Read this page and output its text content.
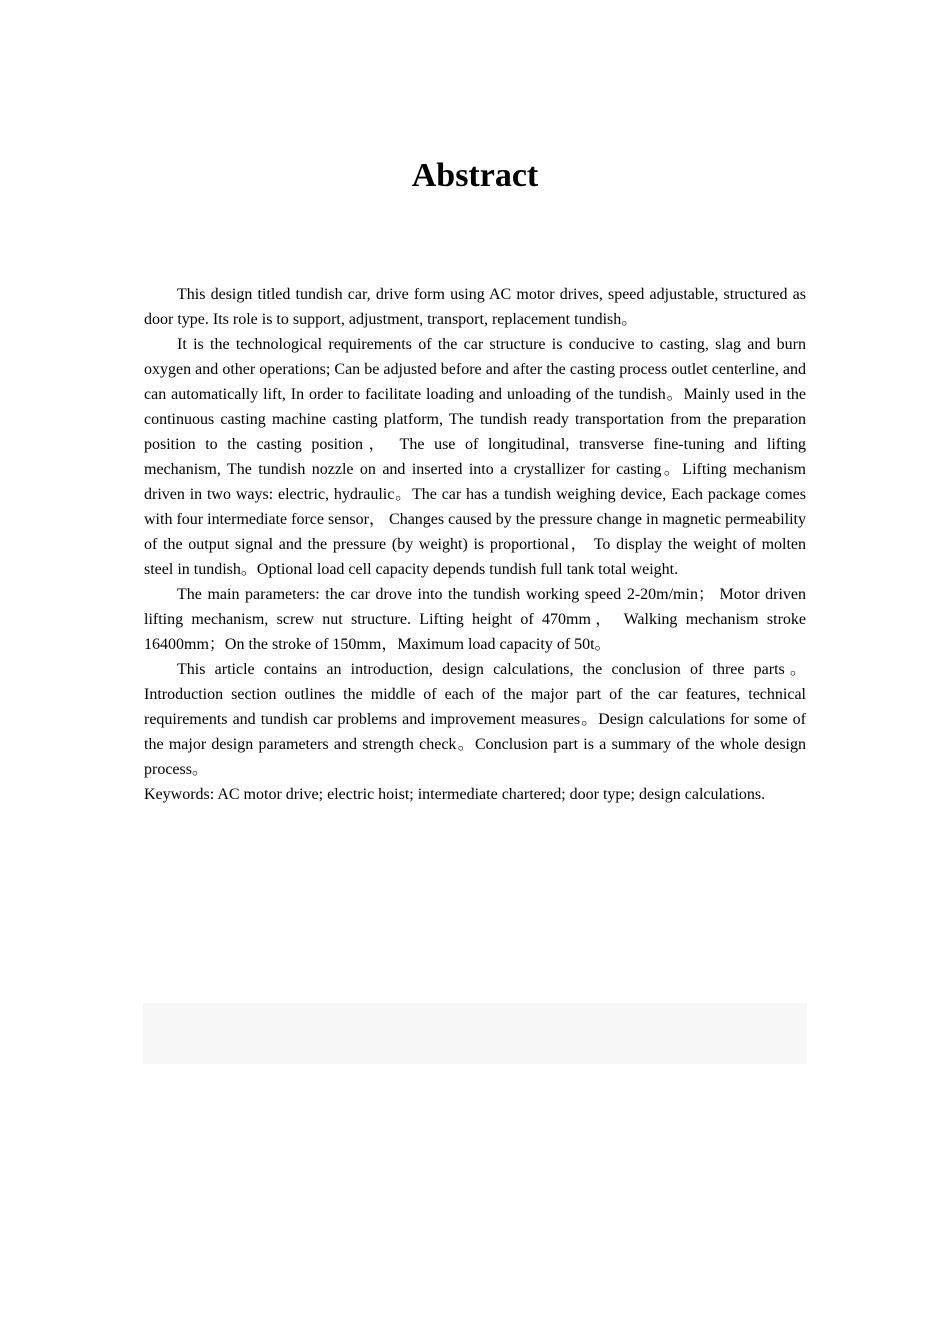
Abstract

This design titled tundish car, drive form using AC motor drives, speed adjustable, structured as door type. Its role is to support, adjustment, transport, replacement tundish。

It is the technological requirements of the car structure is conducive to casting, slag and burn oxygen and other operations; Can be adjusted before and after the casting process outlet centerline, and can automatically lift, In order to facilitate loading and unloading of the tundish。Mainly used in the continuous casting machine casting platform, The tundish ready transportation from the preparation position to the casting position， The use of longitudinal, transverse fine-tuning and lifting mechanism, The tundish nozzle on and inserted into a crystallizer for casting。Lifting mechanism driven in two ways: electric, hydraulic。The car has a tundish weighing device, Each package comes with four intermediate force sensor， Changes caused by the pressure change in magnetic permeability of the output signal and the pressure (by weight) is proportional， To display the weight of molten steel in tundish。Optional load cell capacity depends tundish full tank total weight.

The main parameters: the car drove into the tundish working speed 2-20m/min； Motor driven lifting mechanism, screw nut structure. Lifting height of 470mm， Walking mechanism stroke 16400mm；On the stroke of 150mm，Maximum load capacity of 50t。

This article contains an introduction, design calculations, the conclusion of three parts。Introduction section outlines the middle of each of the major part of the car features, technical requirements and tundish car problems and improvement measures。Design calculations for some of the major design parameters and strength check。Conclusion part is a summary of the whole design process。

Keywords: AC motor drive; electric hoist; intermediate chartered; door type; design calculations.
